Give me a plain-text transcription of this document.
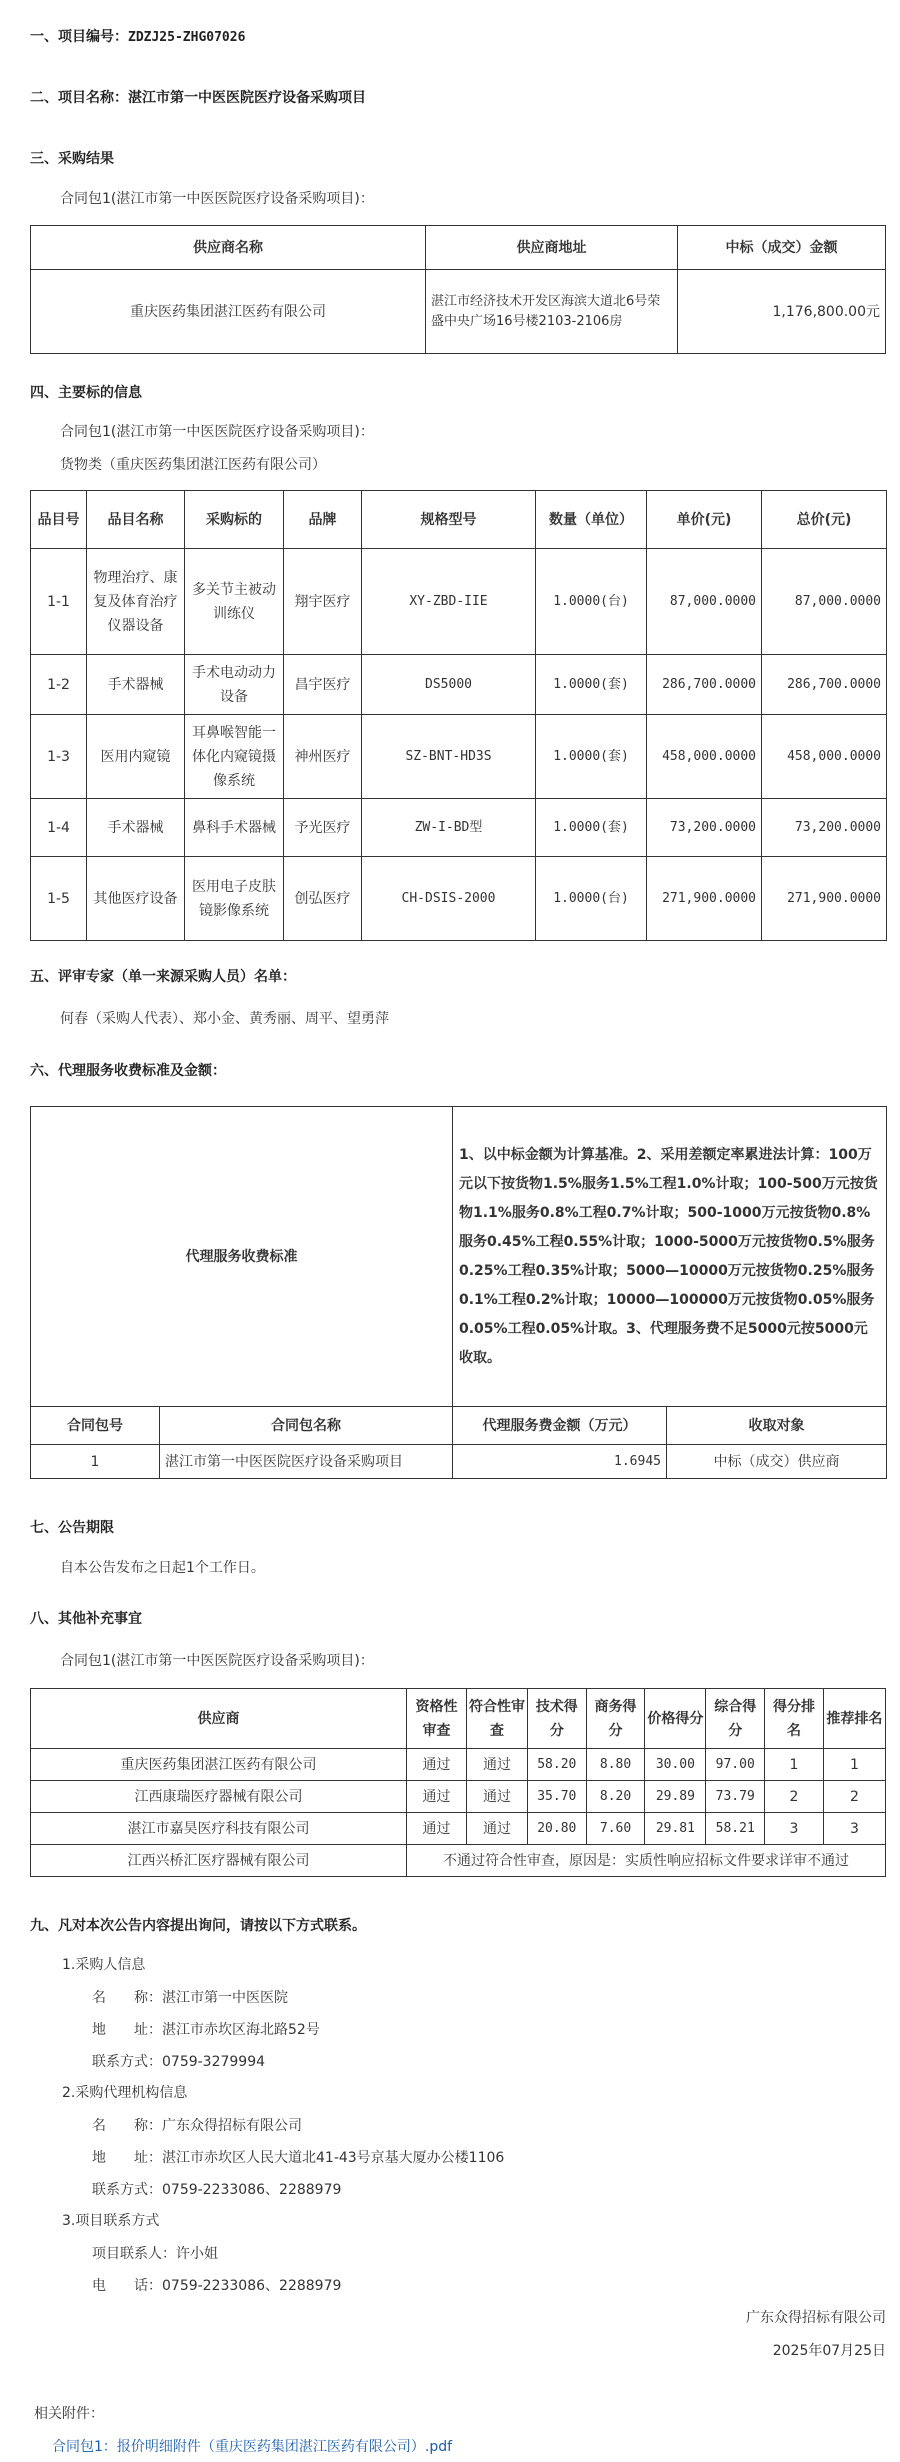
一、项目编号：ZDZJ25-ZHG07026
二、项目名称：湛江市第一中医医院医疗设备采购项目
三、采购结果
合同包1(湛江市第一中医医院医疗设备采购项目)：
供应商名称	供应商地址	中标（成交）金额
重庆医药集团湛江医药有限公司	湛江市经济技术开发区海滨大道北6号荣盛中央广场16号楼2103-2106房	1,176,800.00元
四、主要标的信息
合同包1(湛江市第一中医医院医疗设备采购项目)：
货物类（重庆医药集团湛江医药有限公司）
品目号	品目名称	采购标的	品牌	规格型号	数量（单位）	单价(元)	总价(元)
1-1	物理治疗、康复及体育治疗仪器设备	多关节主被动训练仪	翔宇医疗	XY-ZBD-IIE	1.0000(台)	87,000.0000	87,000.0000
1-2	手术器械	手术电动动力设备	昌宇医疗	DS5000	1.0000(套)	286,700.0000	286,700.0000
1-3	医用内窥镜	耳鼻喉智能一体化内窥镜摄像系统	神州医疗	SZ-BNT-HD3S	1.0000(套)	458,000.0000	458,000.0000
1-4	手术器械	鼻科手术器械	予光医疗	ZW-I-BD型	1.0000(套)	73,200.0000	73,200.0000
1-5	其他医疗设备	医用电子皮肤镜影像系统	创弘医疗	CH-DSIS-2000	1.0000(台)	271,900.0000	271,900.0000
五、评审专家（单一来源采购人员）名单：
何春（采购人代表）、郑小金、黄秀丽、周平、望勇萍
六、代理服务收费标准及金额：
代理服务收费标准		1、以中标金额为计算基准。2、采用差额定率累进法计算：100万元以下按货物1.5%服务1.5%工程1.0%计取；100-500万元按货物1.1%服务0.8%工程0.7%计取；500-1000万元按货物0.8%服务0.45%工程0.55%计取；1000-5000万元按货物0.5%服务0.25%工程0.35%计取；5000—10000万元按货物0.25%服务0.1%工程0.2%计取；10000—100000万元按货物0.05%服务0.05%工程0.05%计取。3、代理服务费不足5000元按5000元收取。	
合同包号	合同包名称	代理服务费金额（万元）	收取对象
1	湛江市第一中医医院医疗设备采购项目	1.6945	中标（成交）供应商
七、公告期限
自本公告发布之日起1个工作日。
八、其他补充事宜
合同包1(湛江市第一中医医院医疗设备采购项目)：
供应商	资格性审查	符合性审查	技术得分	商务得分	价格得分	综合得分	得分排名	推荐排名
重庆医药集团湛江医药有限公司	通过	通过	58.20	8.80	30.00	97.00	1	1
江西康瑞医疗器械有限公司	通过	通过	35.70	8.20	29.89	73.79	2	2
湛江市嘉昊医疗科技有限公司	通过	通过	20.80	7.60	29.81	58.21	3	3
江西兴桥汇医疗器械有限公司	不通过符合性审查，原因是：实质性响应招标文件要求详审不通过							
九、凡对本次公告内容提出询问，请按以下方式联系。
1.采购人信息
名　　称：湛江市第一中医医院
地　　址：湛江市赤坎区海北路52号
联系方式：0759-3279994
2.采购代理机构信息
名　　称：广东众得招标有限公司
地　　址：湛江市赤坎区人民大道北41-43号京基大厦办公楼1106
联系方式：0759-2233086、2288979
3.项目联系方式
项目联系人：许小姐
电　　话：0759-2233086、2288979
广东众得招标有限公司
2025年07月25日
相关附件：
合同包1：报价明细附件（重庆医药集团湛江医药有限公司）.pdf
